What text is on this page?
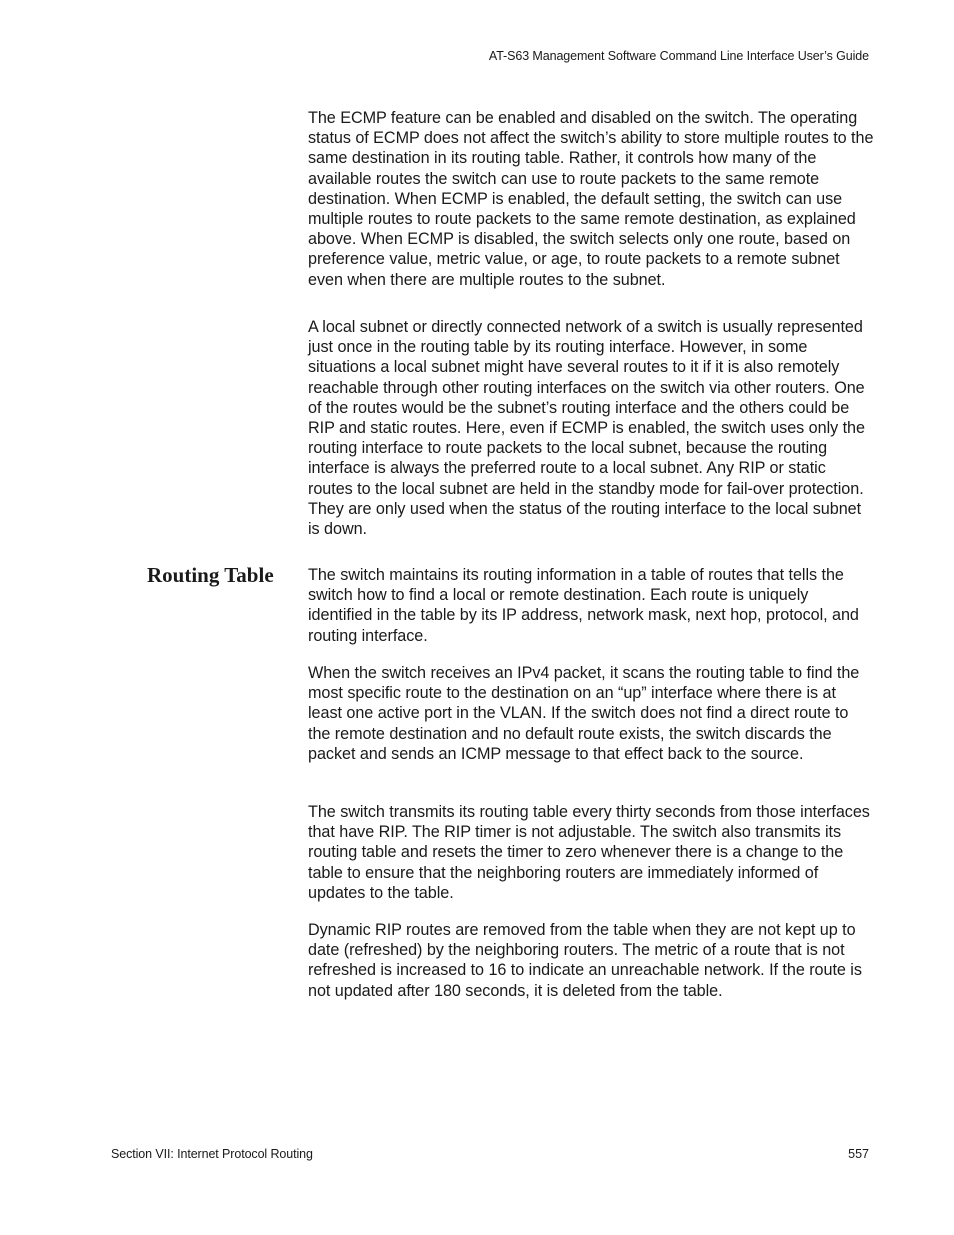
AT-S63 Management Software Command Line Interface User’s Guide

The ECMP feature can be enabled and disabled on the switch. The operating status of ECMP does not affect the switch’s ability to store multiple routes to the same destination in its routing table. Rather, it controls how many of the available routes the switch can use to route packets to the same remote destination. When ECMP is enabled, the default setting, the switch can use multiple routes to route packets to the same remote destination, as explained above. When ECMP is disabled, the switch selects only one route, based on preference value, metric value, or age, to route packets to a remote subnet even when there are multiple routes to the subnet.

A local subnet or directly connected network of a switch is usually represented just once in the routing table by its routing interface. However, in some situations a local subnet might have several routes to it if it is also remotely reachable through other routing interfaces on the switch via other routers. One of the routes would be the subnet’s routing interface and the others could be RIP and static routes. Here, even if ECMP is enabled, the switch uses only the routing interface to route packets to the local subnet, because the routing interface is always the preferred route to a local subnet. Any RIP or static routes to the local subnet are held in the standby mode for fail-over protection. They are only used when the status of the routing interface to the local subnet is down.

Routing Table The switch maintains its routing information in a table of routes that tells the switch how to find a local or remote destination. Each route is uniquely identified in the table by its IP address, network mask, next hop, protocol, and routing interface.

When the switch receives an IPv4 packet, it scans the routing table to find the most specific route to the destination on an “up” interface where there is at least one active port in the VLAN. If the switch does not find a direct route to the remote destination and no default route exists, the switch discards the packet and sends an ICMP message to that effect back to the source.

The switch transmits its routing table every thirty seconds from those interfaces that have RIP. The RIP timer is not adjustable. The switch also transmits its routing table and resets the timer to zero whenever there is a change to the table to ensure that the neighboring routers are immediately informed of updates to the table.

Dynamic RIP routes are removed from the table when they are not kept up to date (refreshed) by the neighboring routers. The metric of a route that is not refreshed is increased to 16 to indicate an unreachable network. If the route is not updated after 180 seconds, it is deleted from the table.

Section VII: Internet Protocol Routing	557
